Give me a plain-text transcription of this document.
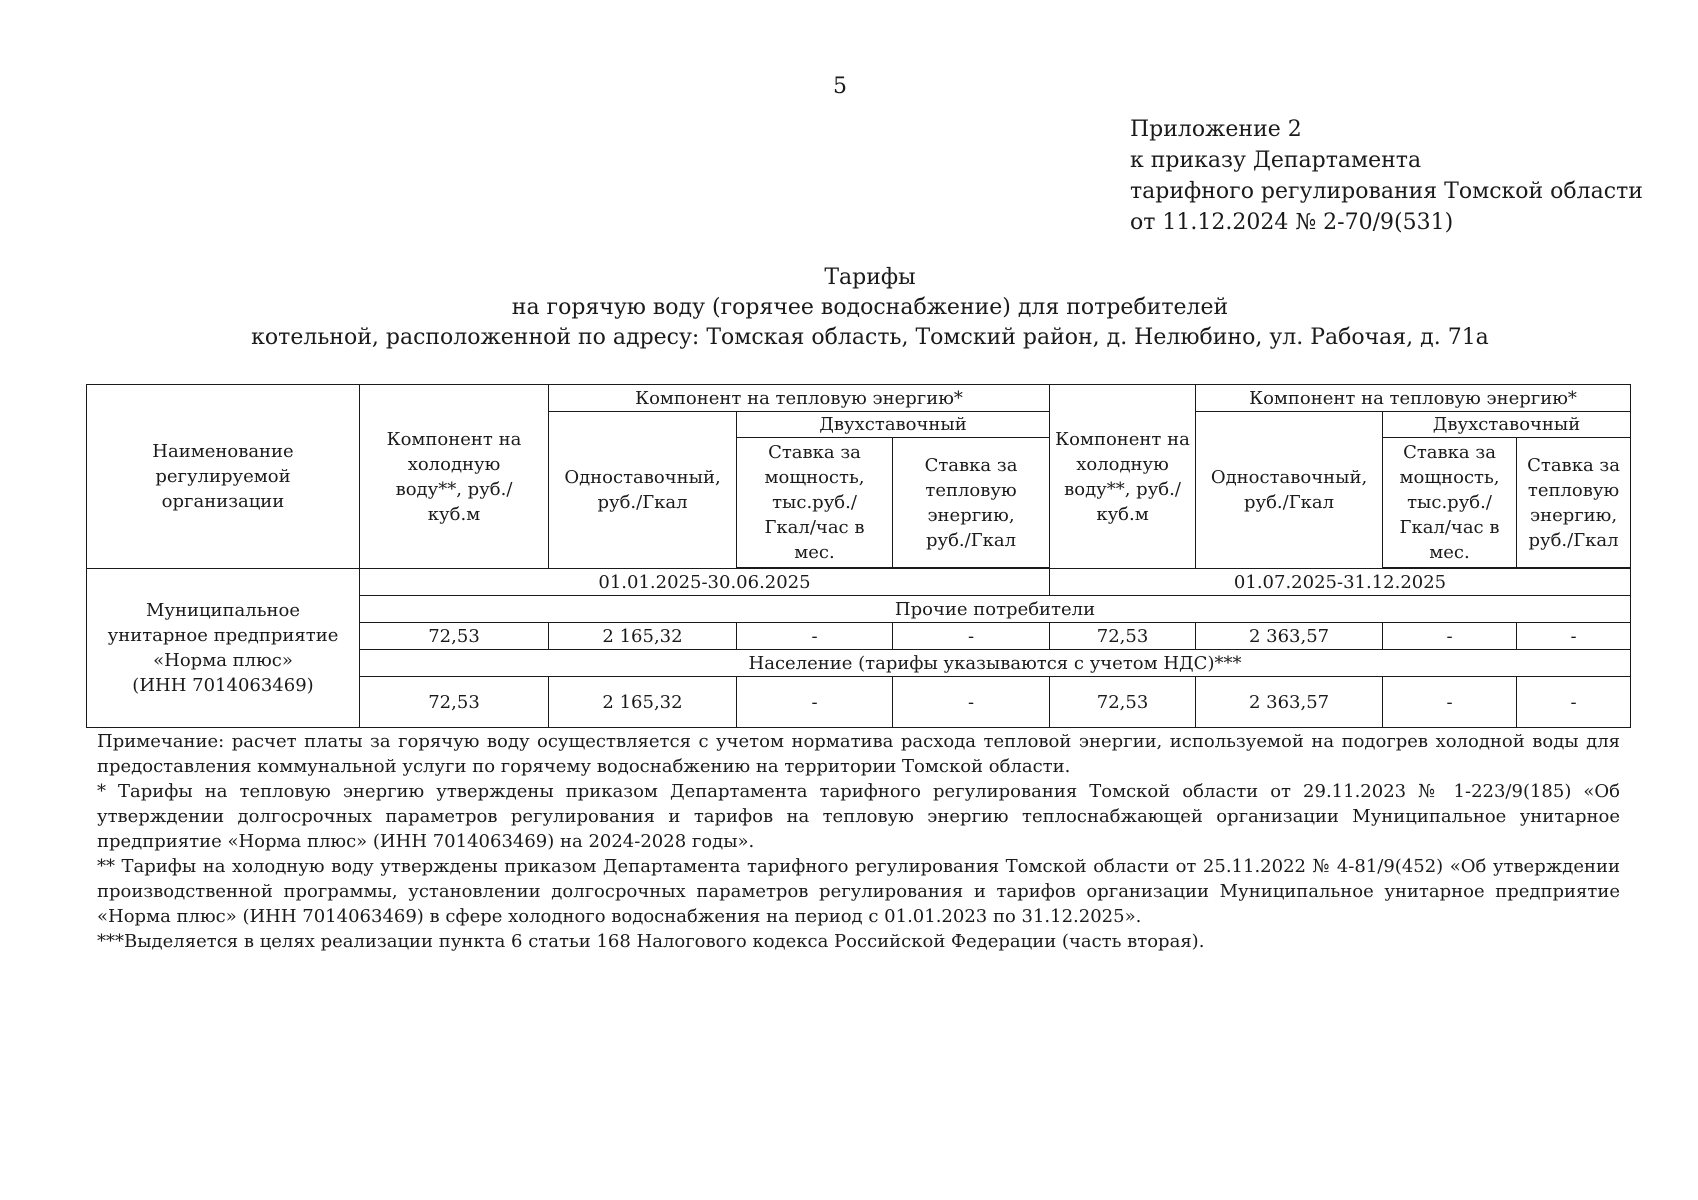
5
Приложение 2
к приказу Департамента
тарифного регулирования Томской области
от 11.12.2024 № 2-70/9(531)
Тарифы
на горячую воду (горячее водоснабжение) для потребителей
котельной, расположенной по адресу: Томская область, Томский район, д. Нелюбино, ул. Рабочая, д. 71а
Наименование регулируемой организации	Компонент на холодную воду**, руб./куб.м	Компонент на тепловую энергию*			Компонент на холодную воду**, руб./куб.м	Компонент на тепловую энергию*		
		Одноставочный, руб./Гкал	Двухставочный			Одноставочный, руб./Гкал	Двухставочный	
			Ставка за мощность, тыс.руб./ Гкал/час в мес.	Ставка за тепловую энергию, руб./Гкал			Ставка за мощность, тыс.руб./ Гкал/час в мес.	Ставка за тепловую энергию, руб./Гкал

Муниципальное
унитарное предприятие
«Норма плюс»
(ИНН 7014063469)	01.01.2025-30.06.2025				01.07.2025-31.12.2025			
	Прочие потребители							
	72,53	2 165,32	-	-	72,53	2 363,57	-	-
	Население (тарифы указываются с учетом НДС)***							
	72,53	2 165,32	-	-	72,53	2 363,57	-	-

Примечание: расчет платы за горячую воду осуществляется с учетом норматива расхода тепловой энергии, используемой на подогрев холодной воды для предоставления коммунальной услуги по горячему водоснабжению на территории Томской области.

* Тарифы на тепловую энергию утверждены приказом Департамента тарифного регулирования Томской области от 29.11.2023 № 1-223/9(185) «Об утверждении долгосрочных параметров регулирования и тарифов на тепловую энергию теплоснабжающей организации Муниципальное унитарное предприятие «Норма плюс» (ИНН 7014063469) на 2024-2028 годы».

** Тарифы на холодную воду утверждены приказом Департамента тарифного регулирования Томской области от 25.11.2022 № 4-81/9(452) «Об утверждении производственной программы, установлении долгосрочных параметров регулирования и тарифов организации Муниципальное унитарное предприятие «Норма плюс» (ИНН 7014063469) в сфере холодного водоснабжения на период с 01.01.2023 по 31.12.2025».

***Выделяется в целях реализации пункта 6 статьи 168 Налогового кодекса Российской Федерации (часть вторая).
